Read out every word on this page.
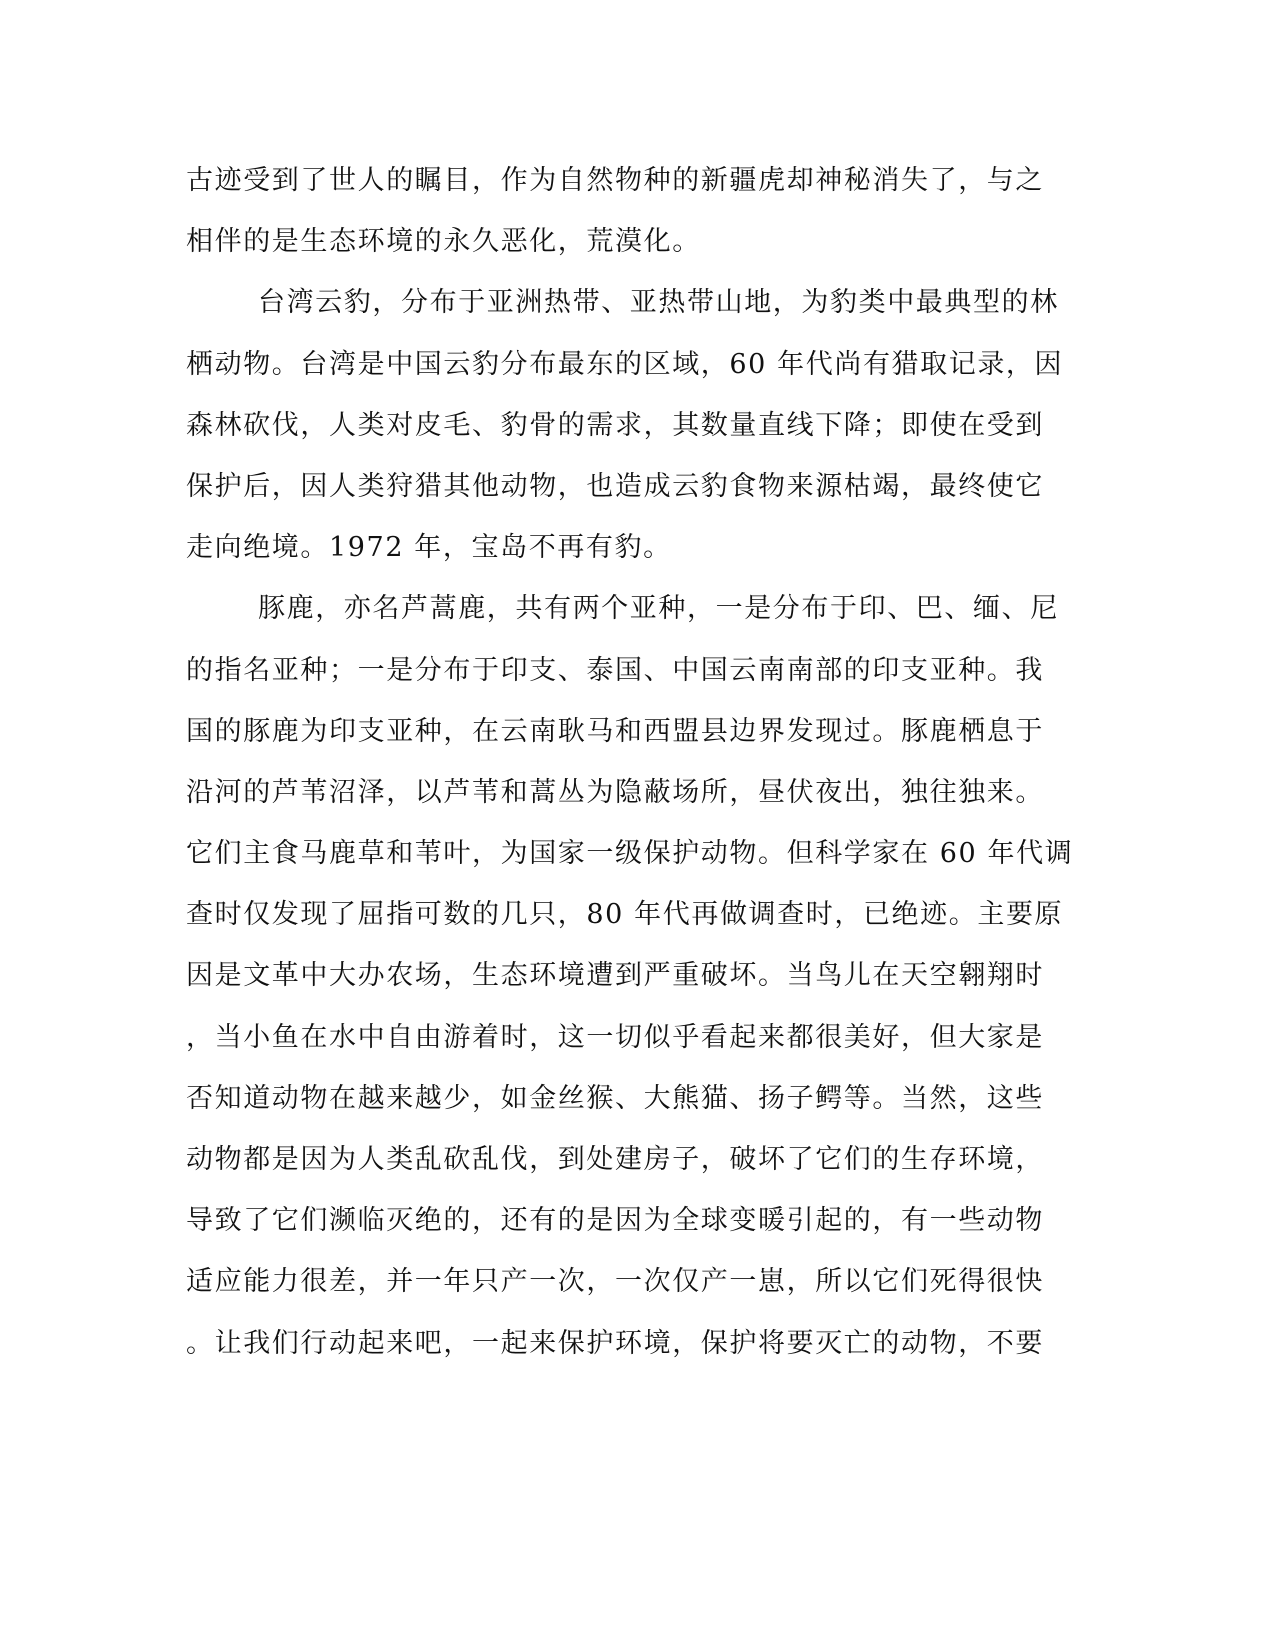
古迹受到了世人的瞩目，作为自然物种的新疆虎却神秘消失了，与之
相伴的是生态环境的永久恶化，荒漠化。
台湾云豹，分布于亚洲热带、亚热带山地，为豹类中最典型的林
栖动物。台湾是中国云豹分布最东的区域，60 年代尚有猎取记录，因
森林砍伐，人类对皮毛、豹骨的需求，其数量直线下降；即使在受到
保护后，因人类狩猎其他动物，也造成云豹食物来源枯竭，最终使它
走向绝境。1972 年，宝岛不再有豹。
豚鹿，亦名芦蒿鹿，共有两个亚种，一是分布于印、巴、缅、尼
的指名亚种；一是分布于印支、泰国、中国云南南部的印支亚种。我
国的豚鹿为印支亚种，在云南耿马和西盟县边界发现过。豚鹿栖息于
沿河的芦苇沼泽，以芦苇和蒿丛为隐蔽场所，昼伏夜出，独往独来。
它们主食马鹿草和苇叶，为国家一级保护动物。但科学家在 60 年代调
查时仅发现了屈指可数的几只，80 年代再做调查时，已绝迹。主要原
因是文革中大办农场，生态环境遭到严重破坏。当鸟儿在天空翱翔时
，当小鱼在水中自由游着时，这一切似乎看起来都很美好，但大家是
否知道动物在越来越少，如金丝猴、大熊猫、扬子鳄等。当然，这些
动物都是因为人类乱砍乱伐，到处建房子，破坏了它们的生存环境，
导致了它们濒临灭绝的，还有的是因为全球变暖引起的，有一些动物
适应能力很差，并一年只产一次，一次仅产一崽，所以它们死得很快
。让我们行动起来吧，一起来保护环境，保护将要灭亡的动物，不要
